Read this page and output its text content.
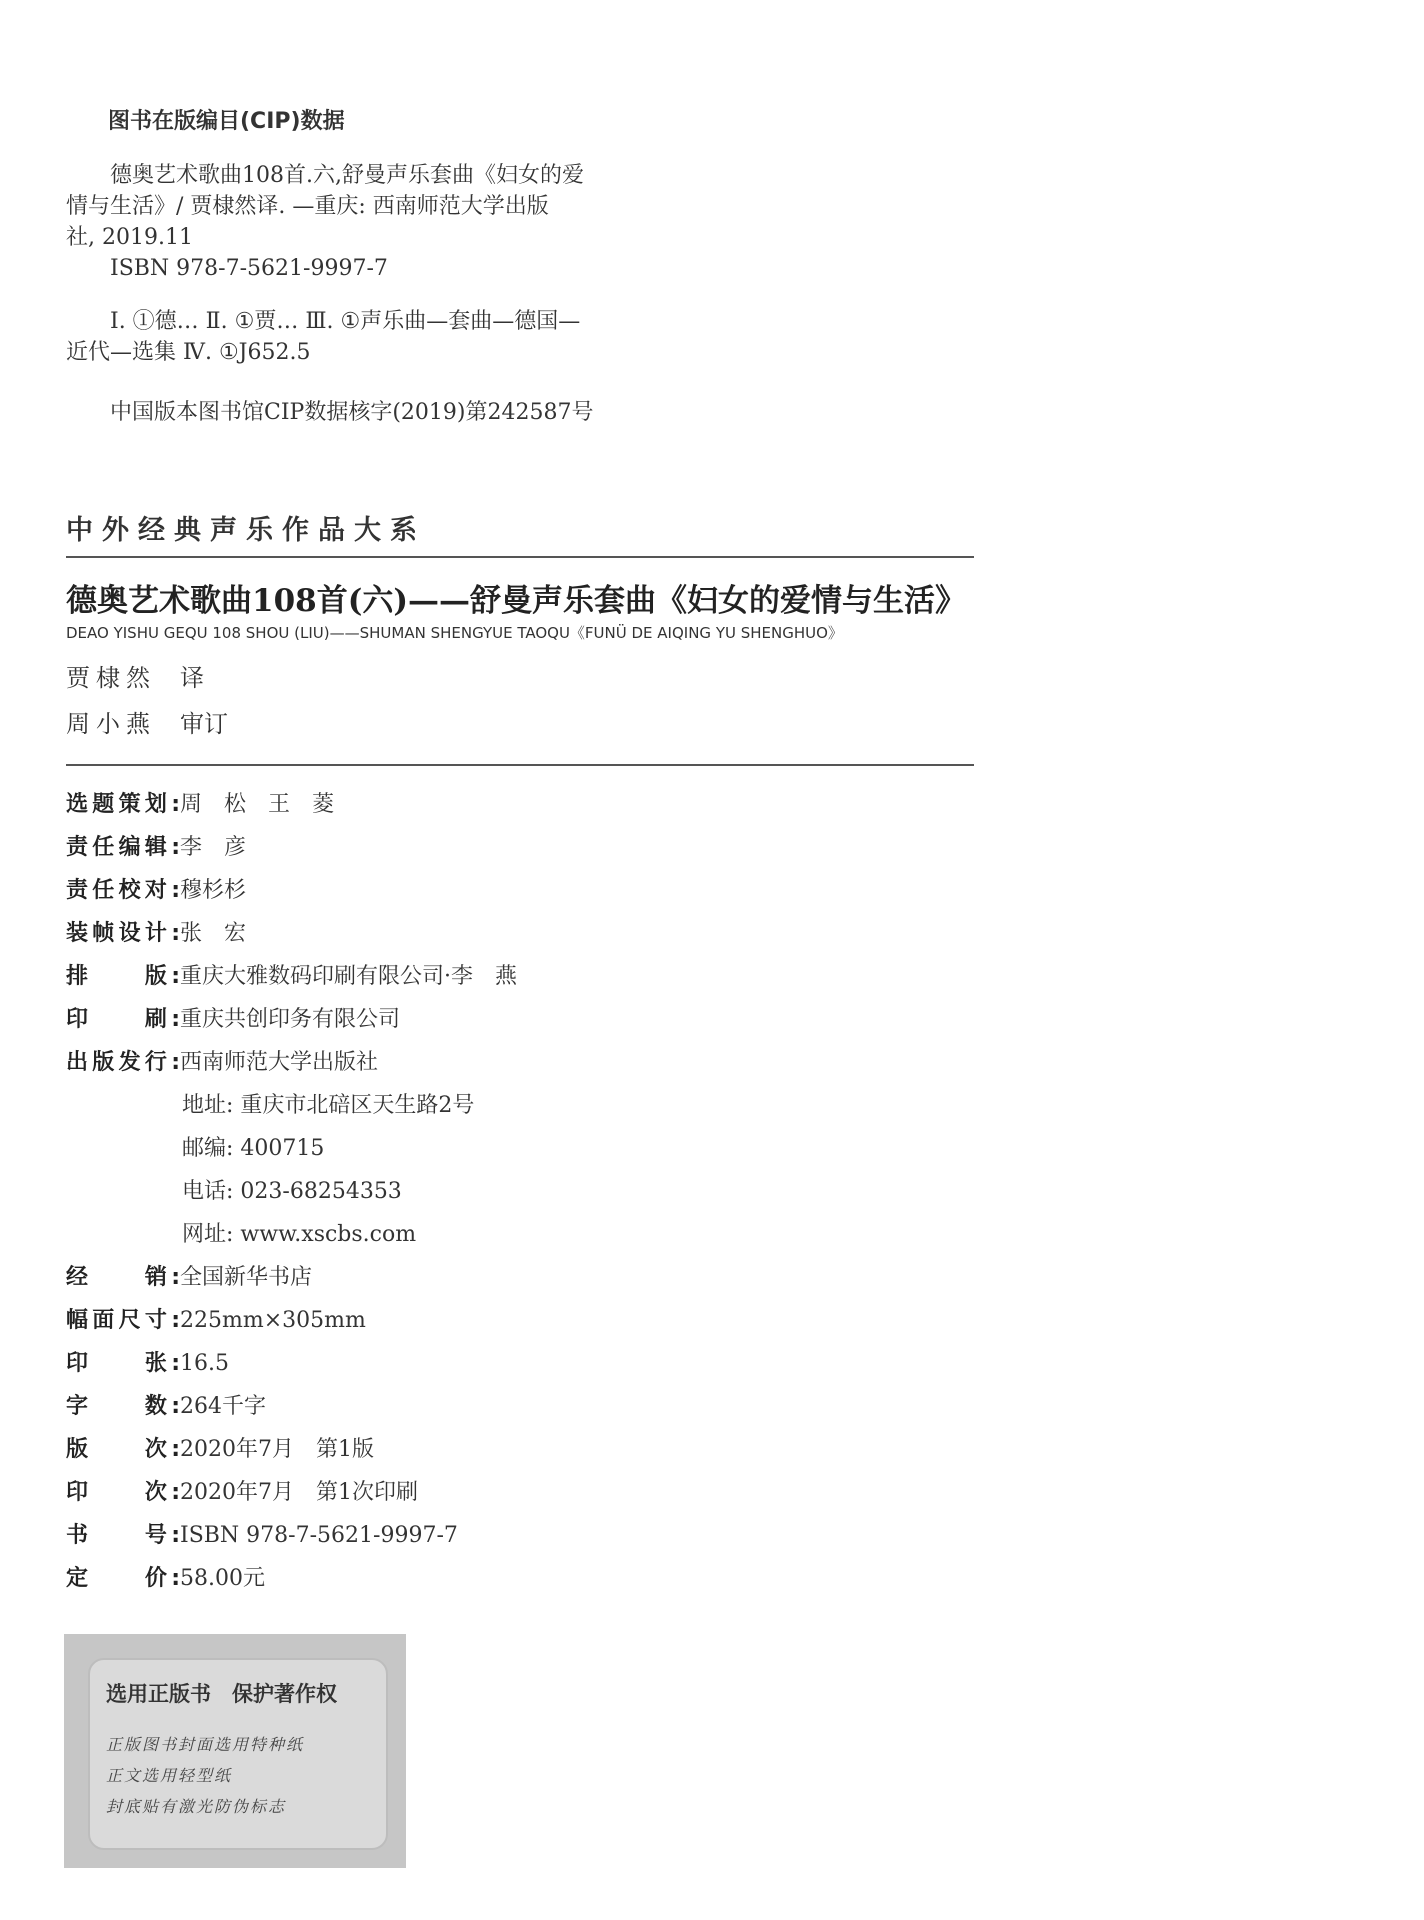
图书在版编目(CIP)数据
　　德奥艺术歌曲108首.六,舒曼声乐套曲《妇女的爱
情与生活》/ 贾棣然译. —重庆: 西南师范大学出版
社, 2019.11
　　ISBN 978-7-5621-9997-7
　　Ⅰ. ①德… Ⅱ. ①贾… Ⅲ. ①声乐曲—套曲—德国—
近代—选集 Ⅳ. ①J652.5
　　中国版本图书馆CIP数据核字(2019)第242587号
中外经典声乐作品大系
德奥艺术歌曲108首(六)——舒曼声乐套曲《妇女的爱情与生活》
DEAO YISHU GEQU 108 SHOU (LIU)——SHUMAN SHENGYUE TAOQU《FUNÜ DE AIQING YU SHENGHUO》
贾棣然 译
周小燕 审订
选题策划:周　松　王　菱
责任编辑:李　彦
责任校对:穆杉杉
装帧设计:张　宏
排　　版:重庆大雅数码印刷有限公司·李　燕
印　　刷:重庆共创印务有限公司
出版发行:西南师范大学出版社
地址: 重庆市北碚区天生路2号
邮编: 400715
电话: 023-68254353
网址: www.xscbs.com
经　　销:全国新华书店
幅面尺寸:225mm×305mm
印　　张:16.5
字　　数:264千字
版　　次:2020年7月　第1版
印　　次:2020年7月　第1次印刷
书　　号:ISBN 978-7-5621-9997-7
定　　价:58.00元
选用正版书　保护著作权
正版图书封面选用特种纸
正文选用轻型纸
封底贴有激光防伪标志
